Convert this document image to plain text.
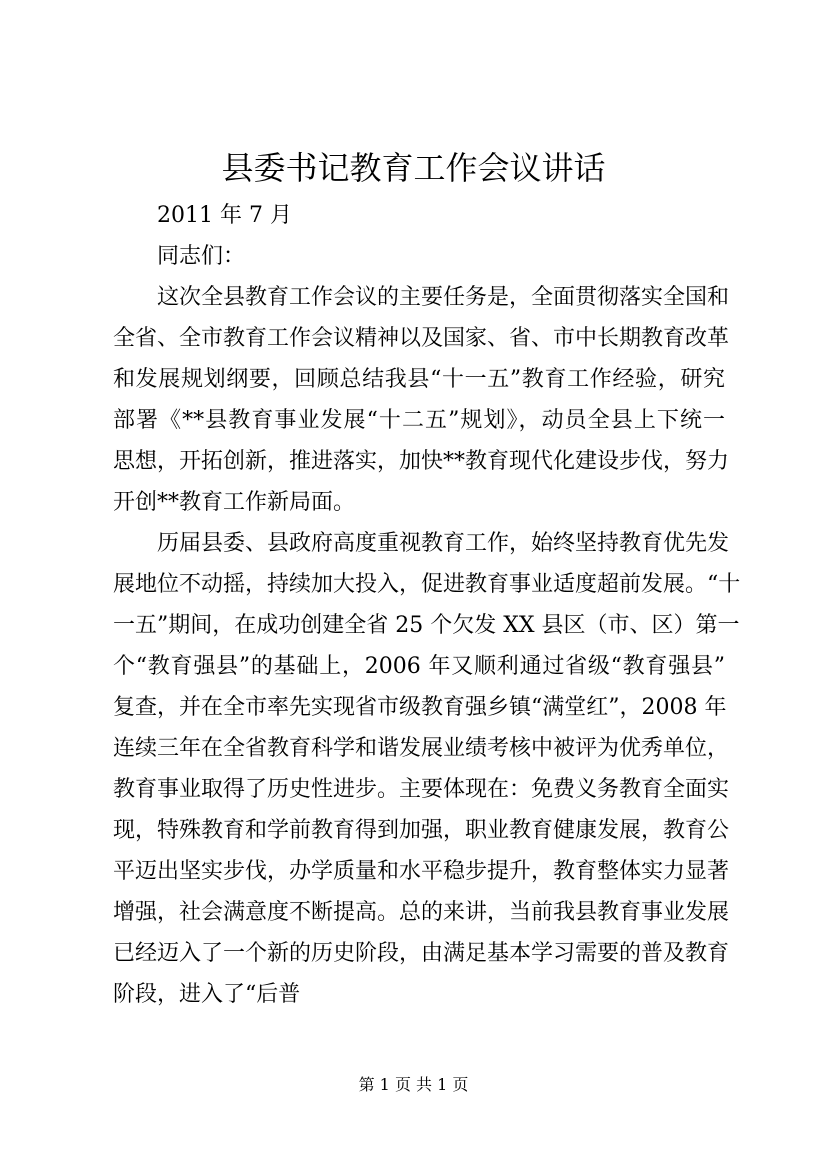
县委书记教育工作会议讲话

2011 年 7 月

同志们：

这次全县教育工作会议的主要任务是，全面贯彻落实全国和

全省、全市教育工作会议精神以及国家、省、市中长期教育改革

和发展规划纲要，回顾总结我县“十一五”教育工作经验，研究

部署《**县教育事业发展“十二五”规划》，动员全县上下统一

思想，开拓创新，推进落实，加快**教育现代化建设步伐，努力

开创**教育工作新局面。

历届县委、县政府高度重视教育工作，始终坚持教育优先发

展地位不动摇，持续加大投入，促进教育事业适度超前发展。“十

一五”期间，在成功创建全省 25 个欠发 XX 县区（市、区）第一

个“教育强县”的基础上，2006 年又顺利通过省级“教育强县”

复查，并在全市率先实现省市级教育强乡镇“满堂红”，2008 年

连续三年在全省教育科学和谐发展业绩考核中被评为优秀单位，

教育事业取得了历史性进步。主要体现在：免费义务教育全面实

现，特殊教育和学前教育得到加强，职业教育健康发展，教育公

平迈出坚实步伐，办学质量和水平稳步提升，教育整体实力显著

增强，社会满意度不断提高。总的来讲，当前我县教育事业发展

已经迈入了一个新的历史阶段，由满足基本学习需要的普及教育

阶段，进入了“后普

第 1 页 共 1 页
